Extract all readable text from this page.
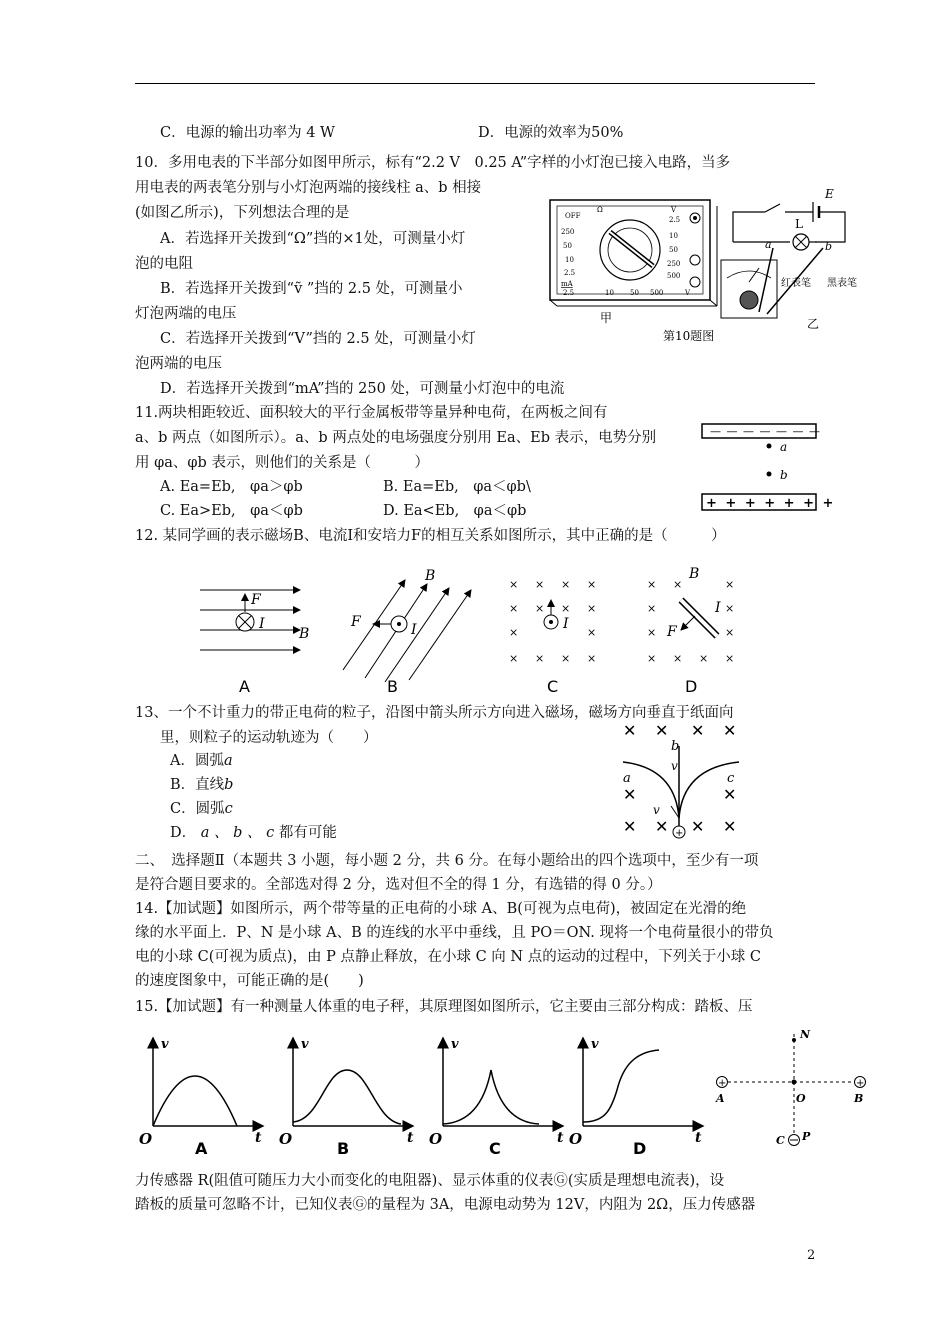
C．电源的输出功率为 4 W	D．电源的效率为50%
10．多用电表的下半部分如图甲所示，标有“2.2 V　0.25 A”字样的小灯泡已接入电路，当多
用电表的两表笔分别与小灯泡两端的接线柱 a、b 相接
(如图乙所示)，下列想法合理的是
A．若选择开关拨到“Ω”挡的×1处，可测量小灯
泡的电阻
B．若选择开关拨到“ṽ ”挡的 2.5 处，可测量小
灯泡两端的电压
C．若选择开关拨到“V”挡的 2.5 处，可测量小灯
泡两端的电压
D．若选择开关拨到“mA”挡的 250 处，可测量小灯泡中的电流
OFF
250
50
10
2.5
2.5
10
50
250
500
2.5	10 50 500
mA
Ω	V
V
甲
E
L
a	b
红表笔 黑表笔
第10题图
乙
11.两块相距较近、面积较大的平行金属板带等量异种电荷，在两板之间有
a、b 两点（如图所示）。a、b 两点处的电场强度分别用 Ea、Eb 表示，电势分别
用 φa、φb 表示，则他们的关系是（　　　）
A. Ea=Eb,　φa＞φb	B. Ea=Eb,　φa＜φb\
C. Ea>Eb,　φa＜φb	D. Ea<Eb,　φa＜φb
— — — — — — —
a
b
+ + + + + + +
12. 某同学画的表示磁场B、电流I和安培力F的相互关系如图所示，其中正确的是（　　　）
F
I
B
A
F	I
B
B
× × × ×
× × × ×
×	×
× × × ×
I
C
× ×	×
×	×
×	×
× × × ×
F
I
B
D
13、一个不计重力的带正电荷的粒子，沿图中箭头所示方向进入磁场，磁场方向垂直于纸面向
里，则粒子的运动轨迹为（　　）
A．圆弧a
B．直线b
C．圆弧c
D． a 、 b 、 c 都有可能
✕ ✕ ✕ ✕
✕	✕
✕ ✕ ✕ ✕
+
b
a	c
v
v
二、　选择题Ⅱ（本题共 3 小题，每小题 2 分，共 6 分。在每小题给出的四个选项中，至少有一项
是符合题目要求的。全部选对得 2 分，选对但不全的得 1 分，有选错的得 0 分。）
14.【加试题】如图所示，两个带等量的正电荷的小球 A、B(可视为点电荷)，被固定在光滑的绝
缘的水平面上．P、N 是小球 A、B 的连线的水平中垂线，且 PO＝ON. 现将一个电荷量很小的带负
电的小球 C(可视为质点)，由 P 点静止释放，在小球 C 向 N 点的运动的过程中，下列关于小球 C
的速度图象中，可能正确的是(　　)
15.【加试题】有一种测量人体重的电子秤，其原理图如图所示，它主要由三部分构成：踏板、压
v
t
O	A
v
t
O	B
v
t
O	C
v
t
O	D
+	+
N
A	O	B
C P
力传感器 R(阻值可随压力大小而变化的电阻器)、显示体重的仪表Ⓖ(实质是理想电流表)，设
踏板的质量可忽略不计，已知仪表Ⓖ的量程为 3A，电源电动势为 12V，内阻为 2Ω，压力传感器
2
